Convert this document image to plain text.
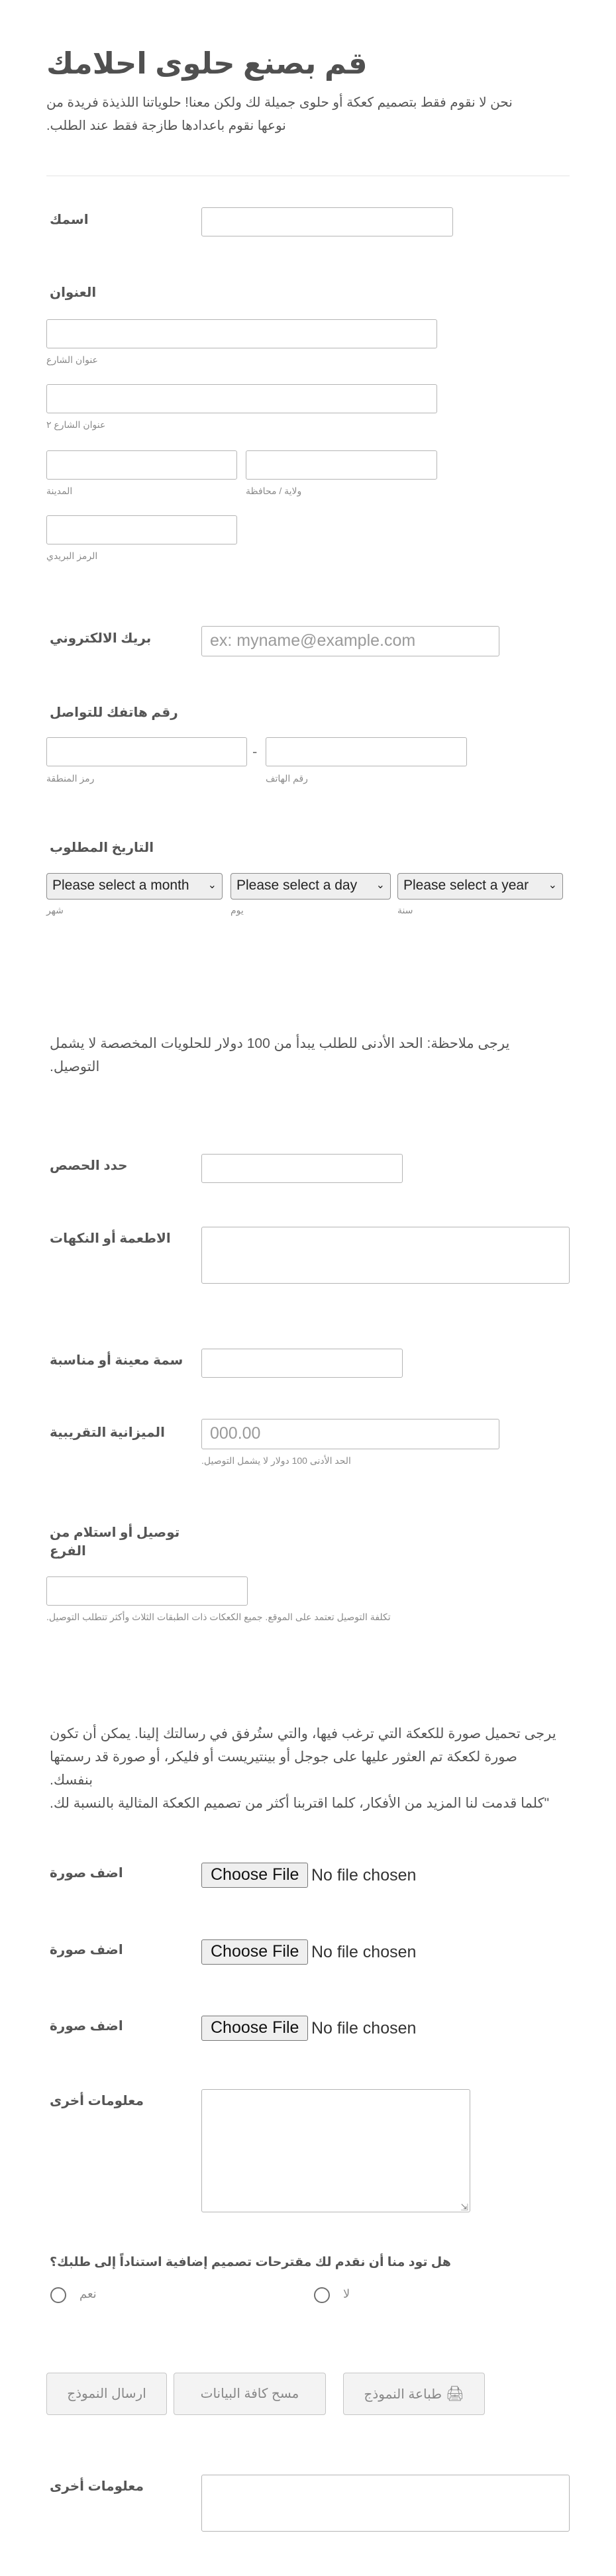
قم بصنع حلوى احلامك
نحن لا نقوم فقط بتصميم كعكة أو حلوى جميلة لك ولكن معنا! حلوياتنا اللذيذة فريدة من
نوعها نقوم باعدادها طازجة فقط عند الطلب.
اسمك
العنوان
عنوان الشارع
عنوان الشارع ٢
المدينة	ولاية / محافظة
الرمز البريدي
بريك الالكتروني	ex: myname@example.com
رقم هاتفك للتواصل
-
رمز المنطقة	رقم الهاتف
التاريخ المطلوب
Please select a month ⌄
شهر
Please select a day ⌄
يوم
Please select a year ⌄
سنة
يرجى ملاحظة: الحد الأدنى للطلب يبدأ من 100 دولار للحلويات المخصصة لا يشمل
التوصيل.
حدد الحصص
الاطعمة أو النكهات
سمة معينة أو مناسبة
الميزانية التقريبية	000.00
الحد الأدنى 100 دولار لا يشمل التوصيل.
توصيل أو استلام من
الفرع
تكلفة التوصيل تعتمد على الموقع. جميع الكعكات ذات الطبقات الثلاث وأكثر تتطلب التوصيل.
يرجى تحميل صورة للكعكة التي ترغب فيها، والتي ستُرفق في رسالتك إلينا. يمكن أن تكون
صورة لكعكة تم العثور عليها على جوجل أو بينتيريست أو فليكر، أو صورة قد رسمتها بنفسك.
"كلما قدمت لنا المزيد من الأفكار، كلما اقتربنا أكثر من تصميم الكعكة المثالية بالنسبة لك.
اضف صورة	Choose File No file chosen
اضف صورة	Choose File No file chosen
اضف صورة	Choose File No file chosen
معلومات أخرى
⇲
هل تود منا أن نقدم لك مقترحات تصميم إضافية استناداً إلى طلبك؟
نعم	لا
ارسال النموذج	مسح كافة البيانات	🖨 طباعة النموذج
معلومات أخرى
